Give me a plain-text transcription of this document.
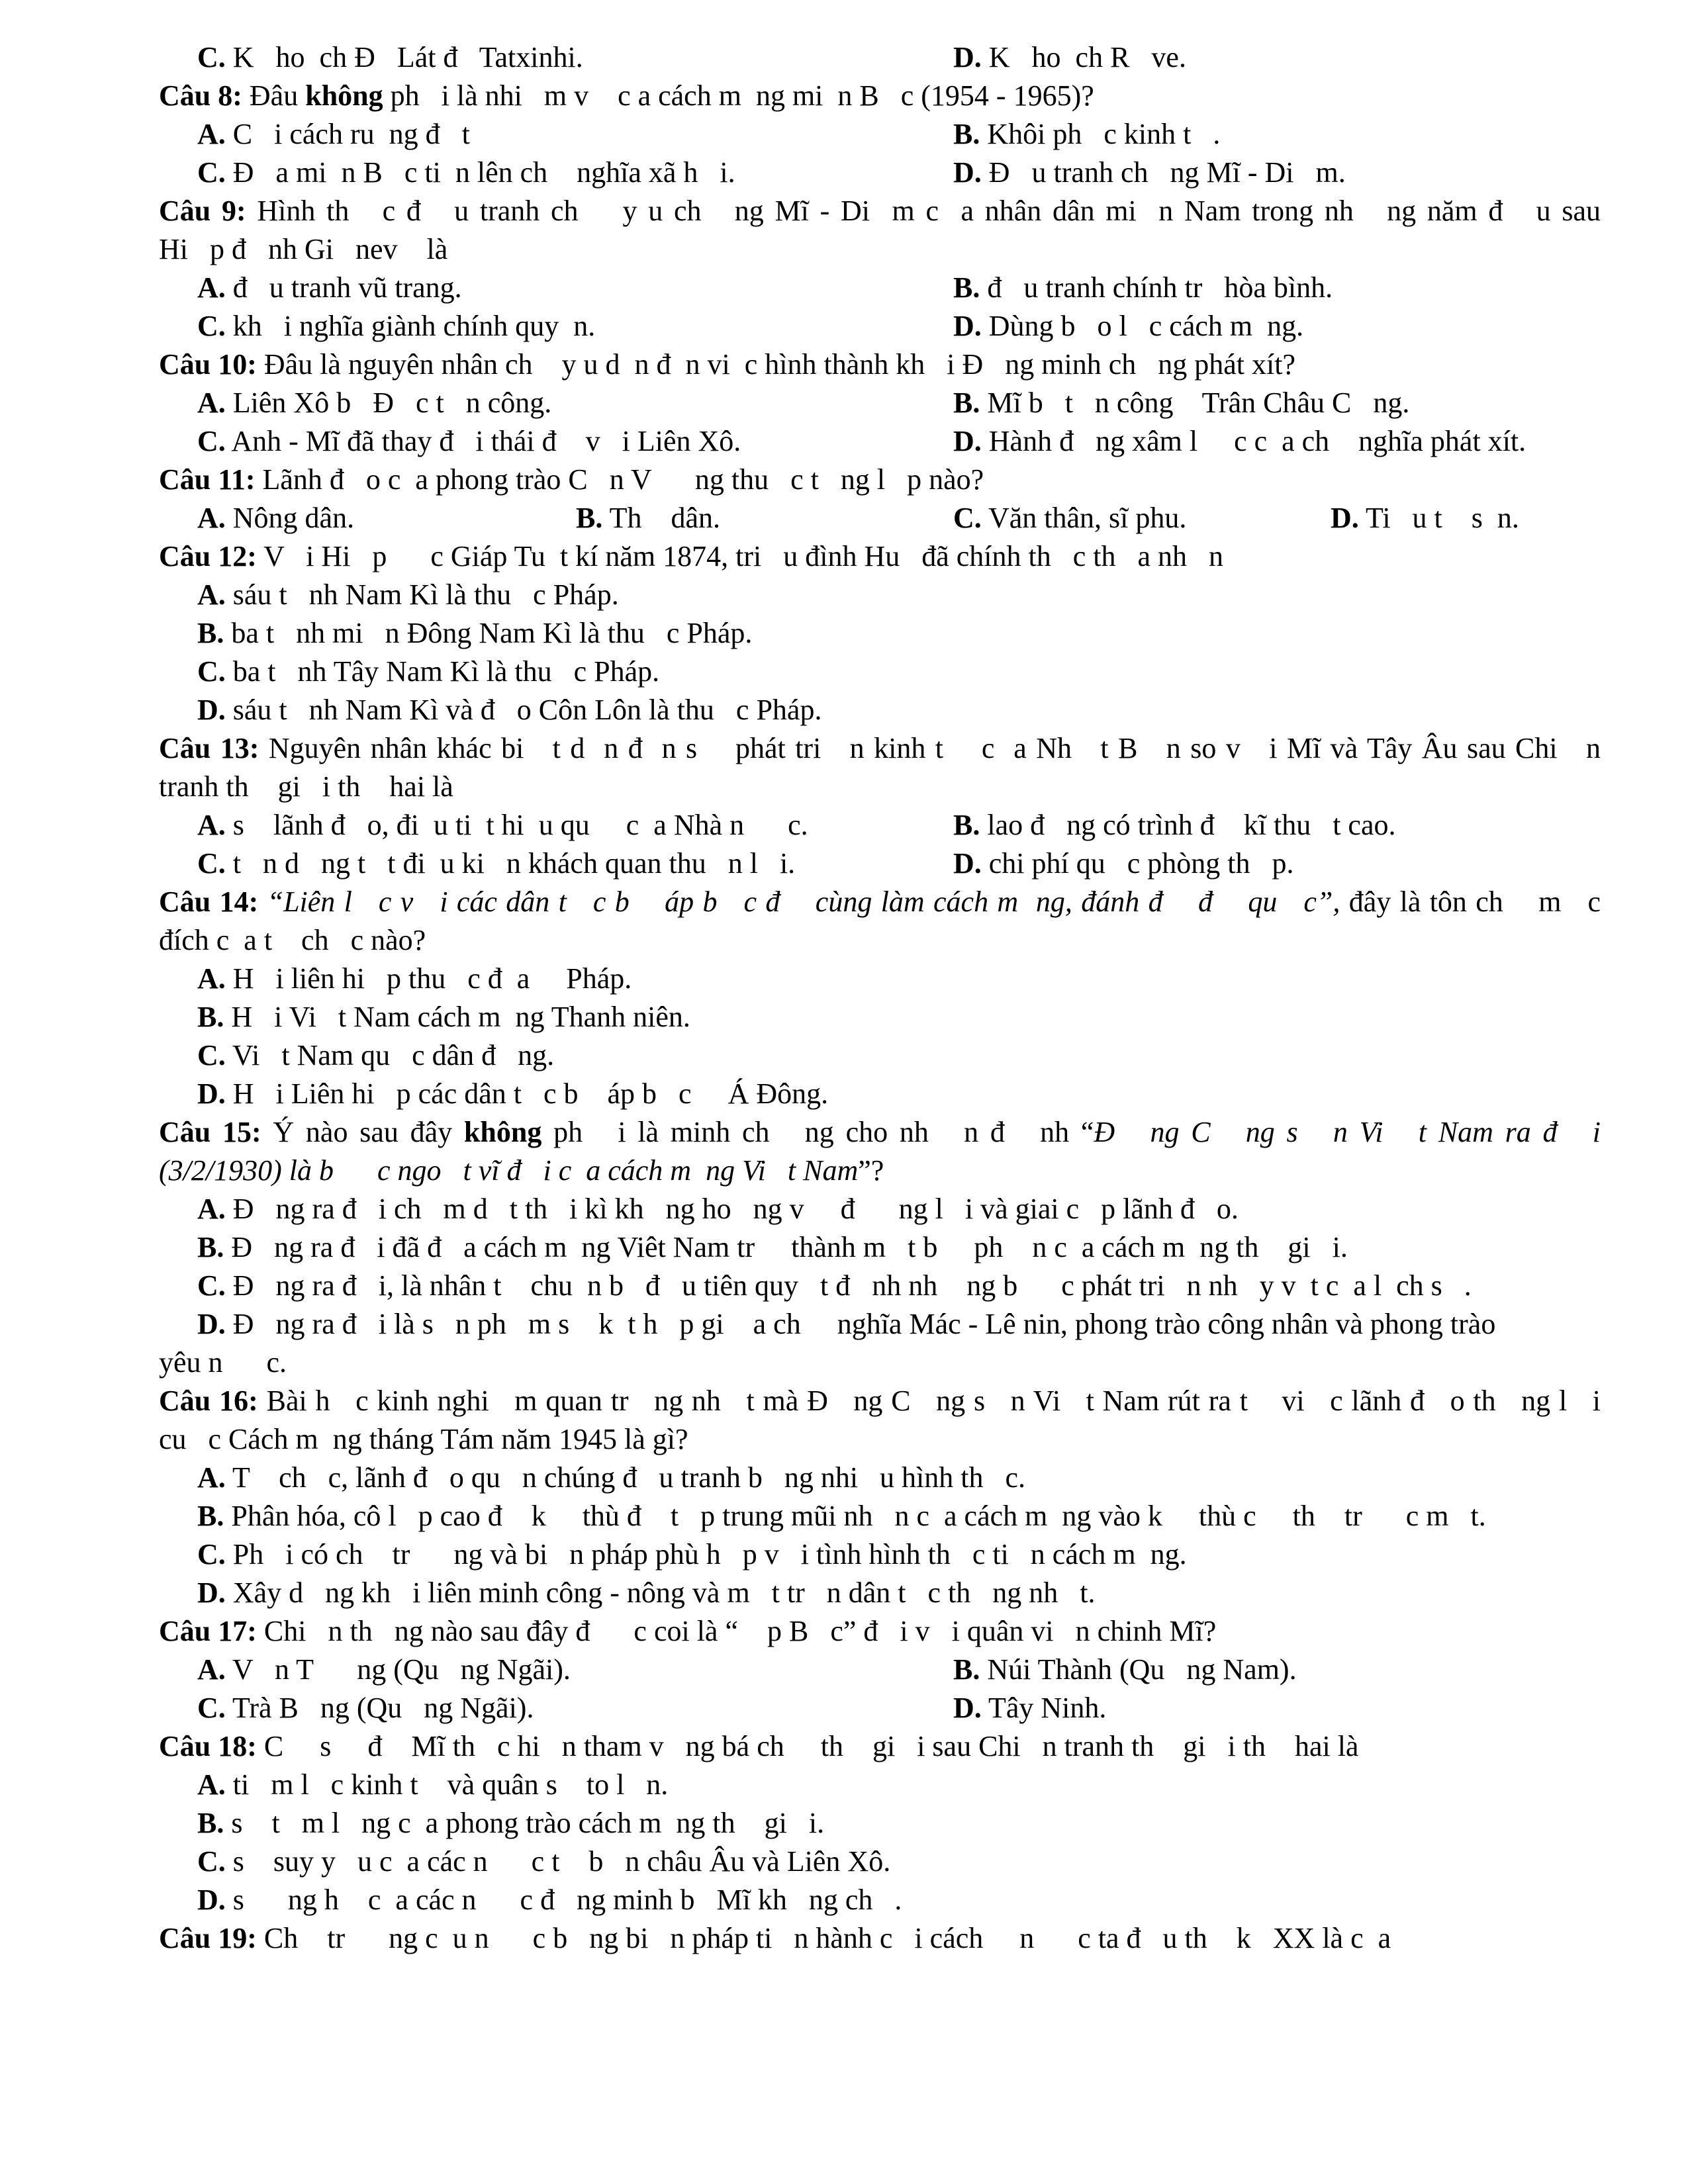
C. K   ho  ch Đ   Lát đ   Tatxinhi.	D. K   ho  ch R   ve.
Câu 8: Đâu không ph   i là nhi   m v    c a cách m  ng mi  n B   c (1954 - 1965)?
A. C   i cách ru  ng đ   t	B. Khôi ph   c kinh t   .
C. Đ   a mi  n B   c ti  n lên ch    nghĩa xã h   i.	D. Đ   u tranh ch   ng Mĩ - Di   m.
Câu 9: Hình th   c đ   u tranh ch    y u ch   ng Mĩ - Di  m c  a nhân dân mi  n Nam trong nh   ng năm đ   u sau
Hi   p đ   nh Gi   nev    là
A. đ   u tranh vũ trang.	B. đ   u tranh chính tr   hòa bình.
C. kh   i nghĩa giành chính quy  n.	D. Dùng b   o l   c cách m  ng.
Câu 10: Đâu là nguyên nhân ch    y u d  n đ  n vi  c hình thành kh   i Đ   ng minh ch   ng phát xít?
A. Liên Xô b   Đ   c t   n công.	B. Mĩ b   t   n công    Trân Châu C   ng.
C. Anh - Mĩ đã thay đ   i thái đ    v   i Liên Xô.	D. Hành đ   ng xâm l     c c  a ch    nghĩa phát xít.
Câu 11: Lãnh đ   o c  a phong trào C   n V      ng thu   c t   ng l   p nào?
A. Nông dân.	B. Th    dân.	C. Văn thân, sĩ phu.	D. Ti   u t    s  n.
Câu 12: V   i Hi   p      c Giáp Tu  t kí năm 1874, tri   u đình Hu   đã chính th   c th   a nh   n
A. sáu t   nh Nam Kì là thu   c Pháp.
B. ba t   nh mi   n Đông Nam Kì là thu   c Pháp.
C. ba t   nh Tây Nam Kì là thu   c Pháp.
D. sáu t   nh Nam Kì và đ   o Côn Lôn là thu   c Pháp.
Câu 13: Nguyên nhân khác bi   t d  n đ  n s    phát tri   n kinh t    c  a Nh   t B   n so v   i Mĩ và Tây Âu sau Chi   n
tranh th    gi   i th    hai là
A. s    lãnh đ   o, đi  u ti  t hi  u qu     c  a Nhà n      c.	B. lao đ   ng có trình đ    kĩ thu   t cao.
C. t   n d   ng t   t đi  u ki   n khách quan thu   n l   i.	D. chi phí qu   c phòng th   p.
Câu 14: “Liên l   c v   i các dân t   c b    áp b   c đ    cùng làm cách m  ng, đánh đ    đ    qu   c”, đây là tôn ch    m   c
đích c  a t    ch   c nào?
A. H   i liên hi   p thu   c đ  a     Pháp.
B. H   i Vi   t Nam cách m  ng Thanh niên.
C. Vi   t Nam qu   c dân đ   ng.
D. H   i Liên hi   p các dân t   c b    áp b   c     Á Đông.
Câu 15: Ý nào sau đây không ph   i là minh ch   ng cho nh   n đ   nh “Đ   ng C   ng s   n Vi   t Nam ra đ   i
(3/2/1930) là b      c ngo   t vĩ đ   i c  a cách m  ng Vi   t Nam”?
A. Đ   ng ra đ   i ch   m d   t th   i kì kh   ng ho   ng v     đ      ng l   i và giai c   p lãnh đ   o.
B. Đ   ng ra đ   i đã đ   a cách m  ng Viêt Nam tr     thành m   t b     ph    n c  a cách m  ng th    gi   i.
C. Đ   ng ra đ   i, là nhân t    chu  n b   đ   u tiên quy   t đ   nh nh    ng b      c phát tri   n nh   y v  t c  a l  ch s   .
D. Đ   ng ra đ   i là s   n ph   m s    k  t h   p gi    a ch     nghĩa Mác - Lê nin, phong trào công nhân và phong trào
yêu n      c.
Câu 16: Bài h   c kinh nghi   m quan tr   ng nh   t mà Đ   ng C   ng s   n Vi   t Nam rút ra t    vi   c lãnh đ   o th   ng l   i
cu   c Cách m  ng tháng Tám năm 1945 là gì?
A. T    ch   c, lãnh đ   o qu   n chúng đ   u tranh b   ng nhi   u hình th   c.
B. Phân hóa, cô l   p cao đ    k     thù đ    t   p trung mũi nh   n c  a cách m  ng vào k     thù c     th    tr      c m   t.
C. Ph   i có ch    tr      ng và bi   n pháp phù h   p v   i tình hình th   c ti   n cách m  ng.
D. Xây d   ng kh   i liên minh công - nông và m   t tr   n dân t   c th   ng nh   t.
Câu 17: Chi   n th   ng nào sau đây đ      c coi là “    p B   c” đ   i v   i quân vi   n chinh Mĩ?
A. V   n T      ng (Qu   ng Ngãi).	B. Núi Thành (Qu   ng Nam).
C. Trà B   ng (Qu   ng Ngãi).	D. Tây Ninh.
Câu 18: C     s     đ    Mĩ th   c hi   n tham v   ng bá ch     th    gi   i sau Chi   n tranh th    gi   i th    hai là
A. ti   m l   c kinh t    và quân s    to l   n.
B. s    t   m l   ng c  a phong trào cách m  ng th    gi   i.
C. s    suy y   u c  a các n      c t    b   n châu Âu và Liên Xô.
D. s      ng h    c  a các n      c đ   ng minh b   Mĩ kh   ng ch   .
Câu 19: Ch    tr      ng c  u n      c b   ng bi   n pháp ti   n hành c   i cách     n      c ta đ   u th    k   XX là c  a
